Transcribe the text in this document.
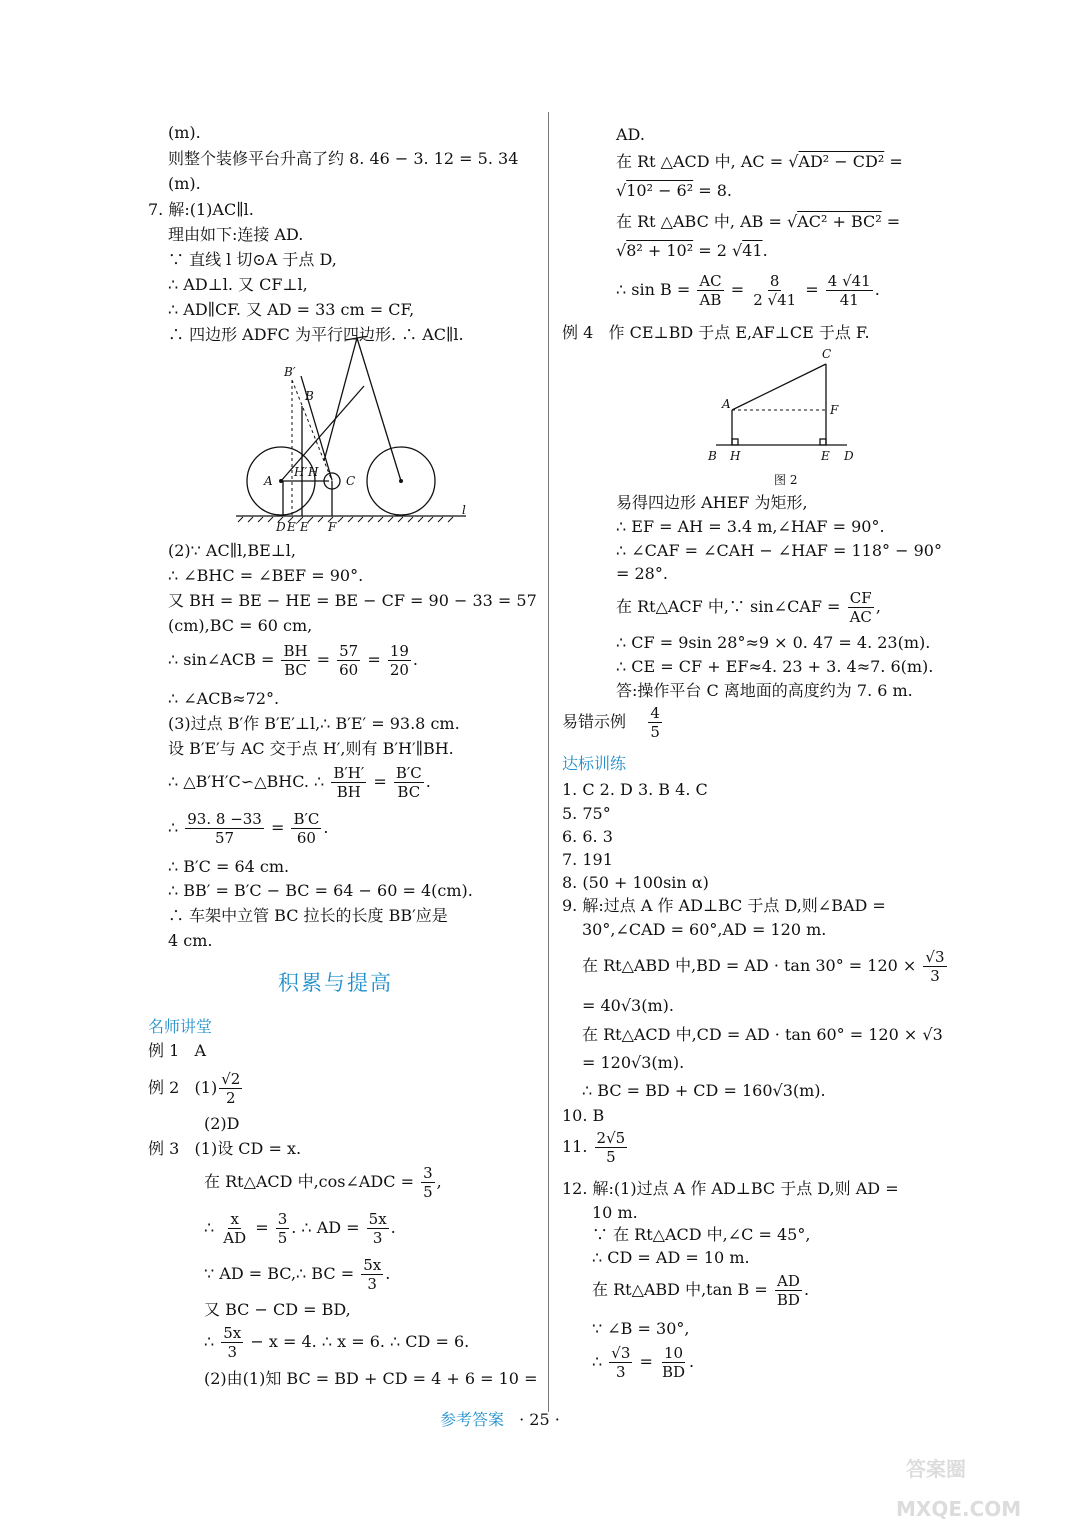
(m).
则整个装修平台升高了约 8. 46 − 3. 12 = 5. 34
(m).
7. 解:(1)AC∥l.
理由如下:连接 AD.
∵ 直线 l 切⊙A 于点 D,
∴ AD⊥l. 又 CF⊥l,
∴ AD∥CF. 又 AD = 33 cm = CF,
∴ 四边形 ADFC 为平行四边形. ∴ AC∥l.
B′
B
A
H′ H
C
D E′ E F
l
(2)∵ AC∥l,BE⊥l,
∴ ∠BHC = ∠BEF = 90°.
又 BH = BE − HE = BE − CF = 90 − 33 = 57
(cm),BC = 60 cm,
∴ sin∠ACB = $\frac{BH}{BC} = \frac{57}{60} = \frac{19}{20}$ .
∴ ∠ACB≈72°.
(3)过点 B′作 B′E′⊥l,∴ B′E′ = 93.8 cm.
设 B′E′与 AC 交于点 H′,则有 B′H′∥BH.
∴ △B′H′C∽△BHC. ∴ $\frac{B'H'}{BH} = \frac{B'C}{BC}$ .
∴ $\frac{93. 8 -33}{57} = \frac{B'C}{60}$ .
∴ B′C = 64 cm.
∴ BB′ = B′C − BC = 64 − 60 = 4(cm).
∴ 车架中立管 BC 拉长的长度 BB′应是
4 cm.
积累与提高
名师讲堂
例 1 A
例 2 $(1) \frac{√2}{2}$
(2)D
例 3 (1)设 CD = x.
在 Rt△ACD 中,cos∠ADC = $\frac{3}{5}$ ,
∴ $\frac{x}{AD} = \frac{3}{5}$ . ∴ AD = $\frac{5x}{3}$ .
∵ AD = BC,∴ BC = $\frac{5x}{3}$ .
又 BC − CD = BD,
∴ $\frac{5x}{3} - x = 4$. ∴ x = 6. ∴ CD = 6.
(2)由(1)知 BC = BD + CD = 4 + 6 = 10 =
AD.
在 Rt △ACD 中, AC = √AD² − CD² =
√10² − 6² = 8.
在 Rt △ABC 中, AB = √AC² + BC² =
√8² + 10² = 2 √41.
∴ $\sin B = \frac{AC}{AB} = \frac{8}{2 √41} = \frac{4 √41}{41}$ .
例 4 作 CE⊥BD 于点 E,AF⊥CE 于点 F.
C
A	F
B H	E D
图 2
易得四边形 AHEF 为矩形,
∴ EF = AH = 3.4 m,∠HAF = 90°.
∴ ∠CAF = ∠CAH − ∠HAF = 118° − 90°
= 28°.
在 Rt△ACF 中,∵ sin∠CAF = $\frac{CF}{AC}$ ,
∴ CF = 9sin 28°≈9 × 0. 47 = 4. 23(m).
∴ CE = CF + EF≈4. 23 + 3. 4≈7. 6(m).
答:操作平台 C 离地面的高度约为 7. 6 m.
易错示例 $\frac{4}{5}$
达标训练
1. C 2. D 3. B 4. C
5. 75°
6. 6. 3
7. 191
8. (50 + 100sin α)
9. 解:过点 A 作 AD⊥BC 于点 D,则∠BAD =
30°,∠CAD = 60°,AD = 120 m.
在 Rt△ABD 中,BD = AD · $\tan 30^\circ = 120 \times \frac{√3}{3}$
= 40√3(m).
在 Rt△ACD 中,CD = AD · tan 60° = 120 × √3
= 120√3(m).
∴ BC = BD + CD = 160√3(m).
10. B
11. $\frac{2√5}{5}$
12. 解:(1)过点 A 作 AD⊥BC 于点 D,则 AD =
10 m.
∵ 在 Rt△ACD 中,∠C = 45°,
∴ CD = AD = 10 m.
在 Rt△ABD 中,tan $B = \frac{AD}{BD}$ .
∵ ∠B = 30°,
∴ $\frac{√3}{3} = \frac{10}{BD}$ .
参考答案 · 25 ·
答案圈
MXQE.COM
